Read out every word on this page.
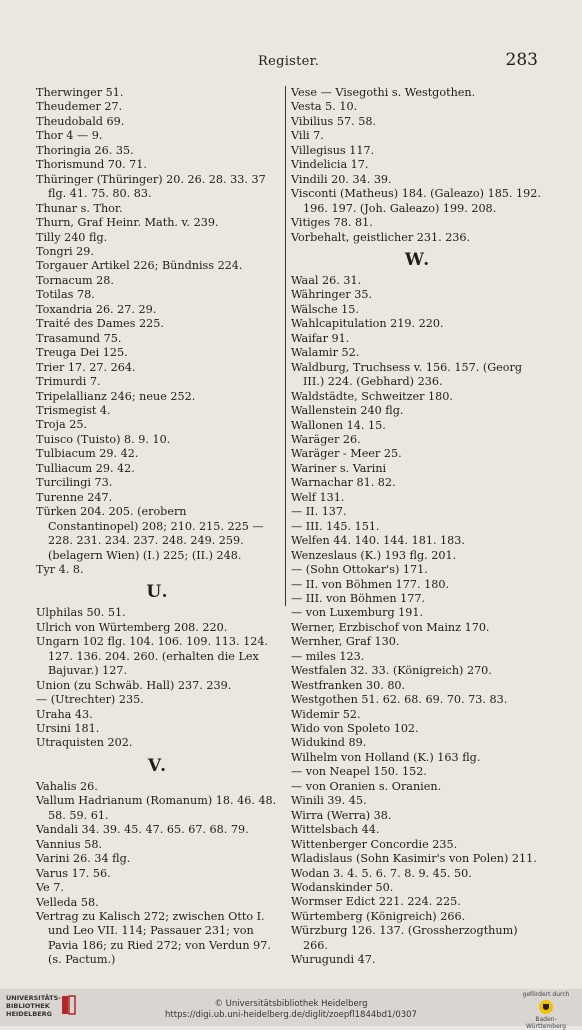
Register.	283
Therwinger 51.
Theudemer 27.
Theudobald 69.
Thor 4 — 9.
Thoringia 26. 35.
Thorismund 70. 71.
Thüringer (Thüringer) 20. 26. 28. 33. 37 flg. 41. 75. 80. 83.
Thunar s. Thor.
Thurn, Graf Heinr. Math. v. 239.
Tilly 240 flg.
Tongri 29.
Torgauer Artikel 226; Bündniss 224.
Tornacum 28.
Totilas 78.
Toxandria 26. 27. 29.
Traité des Dames 225.
Trasamund 75.
Treuga Dei 125.
Trier 17. 27. 264.
Trimurdi 7.
Tripelallianz 246; neue 252.
Trismegist 4.
Troja 25.
Tuisco (Tuisto) 8. 9. 10.
Tulbiacum 29. 42.
Tulliacum 29. 42.
Turcilingi 73.
Turenne 247.
Türken 204. 205. (erobern Constantinopel) 208; 210. 215. 225 — 228. 231. 234. 237. 248. 249. 259. (belagern Wien) (I.) 225; (II.) 248.
Tyr 4. 8.
U.
Ulphilas 50. 51.
Ulrich von Würtemberg 208. 220.
Ungarn 102 flg. 104. 106. 109. 113. 124. 127. 136. 204. 260. (erhalten die Lex Bajuvar.) 127.
Union (zu Schwäb. Hall) 237. 239.
— (Utrechter) 235.
Uraha 43.
Ursini 181.
Utraquisten 202.
V.
Vahalis 26.
Vallum Hadrianum (Romanum) 18. 46. 48. 58. 59. 61.
Vandali 34. 39. 45. 47. 65. 67. 68. 79.
Vannius 58.
Varini 26. 34 flg.
Varus 17. 56.
Ve 7.
Velleda 58.
Vertrag zu Kalisch 272; zwischen Otto I. und Leo VII. 114; Passauer 231; von Pavia 186; zu Ried 272; von Verdun 97. (s. Pactum.)
Vese — Visegothi s. Westgothen.
Vesta 5. 10.
Vibilius 57. 58.
Vili 7.
Villegisus 117.
Vindelicia 17.
Vindili 20. 34. 39.
Visconti (Matheus) 184. (Galeazo) 185. 192. 196. 197. (Joh. Galeazo) 199. 208.
Vitiges 78. 81.
Vorbehalt, geistlicher 231. 236.
W.
Waal 26. 31.
Währinger 35.
Wälsche 15.
Wahlcapitulation 219. 220.
Waifar 91.
Walamir 52.
Waldburg, Truchsess v. 156. 157. (Georg III.) 224. (Gebhard) 236.
Waldstädte, Schweitzer 180.
Wallenstein 240 flg.
Wallonen 14. 15.
Waräger 26.
Waräger - Meer 25.
Wariner s. Varini
Warnachar 81. 82.
Welf 131.
— II. 137.
— III. 145. 151.
Welfen 44. 140. 144. 181. 183.
Wenzeslaus (K.) 193 flg. 201.
— (Sohn Ottokar's) 171.
— II. von Böhmen 177. 180.
— III. von Böhmen 177.
— von Luxemburg 191.
Werner, Erzbischof von Mainz 170.
Wernher, Graf 130.
— miles 123.
Westfalen 32. 33. (Königreich) 270.
Westfranken 30. 80.
Westgothen 51. 62. 68. 69. 70. 73. 83.
Widemir 52.
Wido von Spoleto 102.
Widukind 89.
Wilhelm von Holland (K.) 163 flg.
— von Neapel 150. 152.
— von Oranien s. Oranien.
Winili 39. 45.
Wirra (Werra) 38.
Wittelsbach 44.
Wittenberger Concordie 235.
Wladislaus (Sohn Kasimir's von Polen) 211.
Wodan 3. 4. 5. 6. 7. 8. 9. 45. 50.
Wodanskinder 50.
Wormser Edict 221. 224. 225.
Würtemberg (Königreich) 266.
Würzburg 126. 137. (Grossherzogthum) 266.
Wurugundi 47.
UNIVERSITÄTS-BIBLIOTHEK HEIDELBERG
© Universitätsbibliothek Heidelberg
https://digi.ub.uni-heidelberg.de/diglit/zoepfl1844bd1/0307
gefördert durch
Baden-Württemberg
